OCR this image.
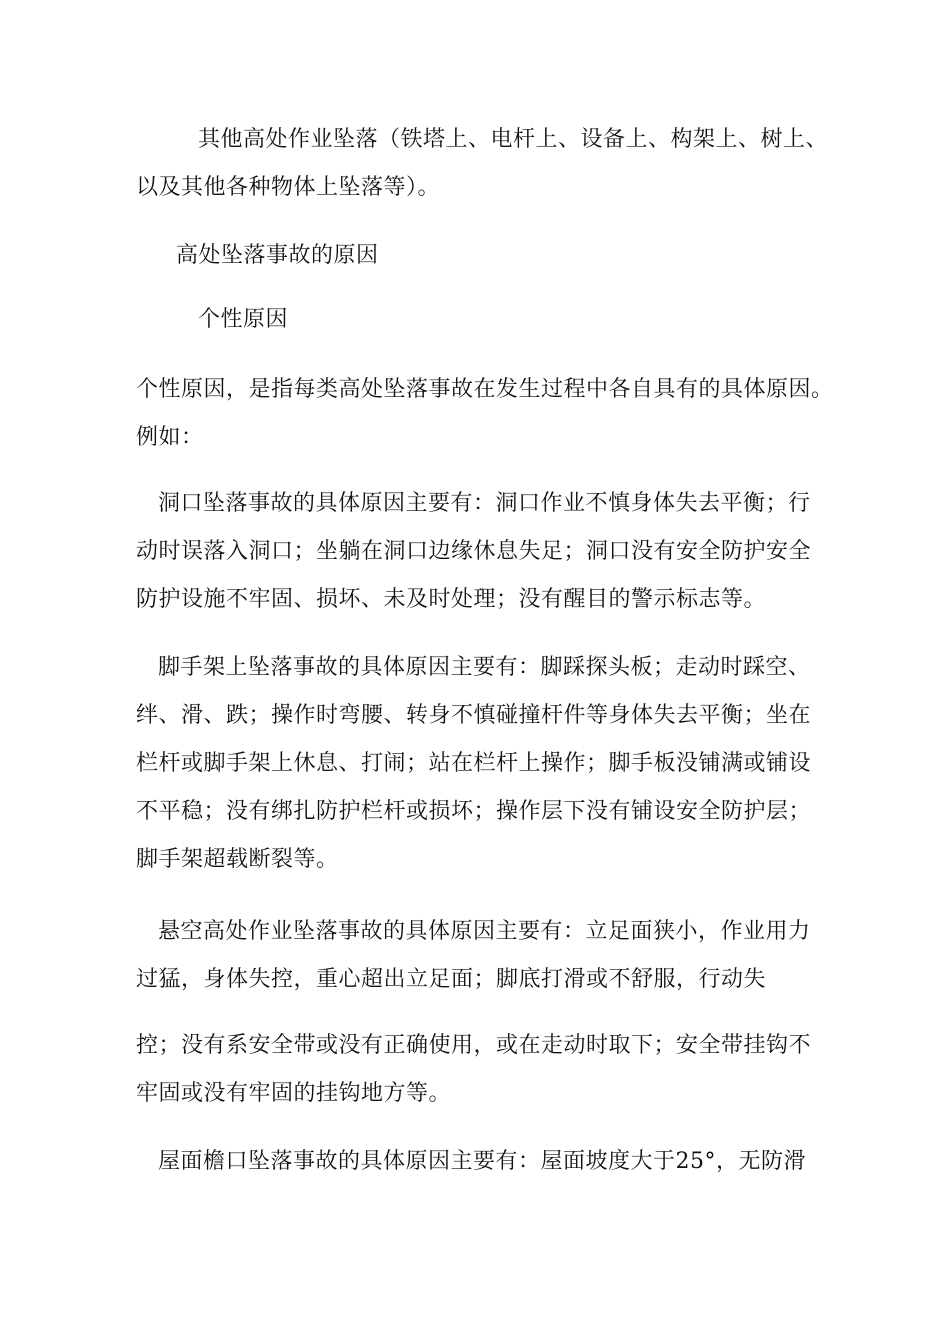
其他高处作业坠落（铁塔上、电杆上、设备上、构架上、树上、
以及其他各种物体上坠落等）。
高处坠落事故的原因
个性原因
个性原因，是指每类高处坠落事故在发生过程中各自具有的具体原因。
例如：
洞口坠落事故的具体原因主要有：洞口作业不慎身体失去平衡；行
动时误落入洞口；坐躺在洞口边缘休息失足；洞口没有安全防护安全
防护设施不牢固、损坏、未及时处理；没有醒目的警示标志等。
脚手架上坠落事故的具体原因主要有：脚踩探头板；走动时踩空、
绊、滑、跌；操作时弯腰、转身不慎碰撞杆件等身体失去平衡；坐在
栏杆或脚手架上休息、打闹；站在栏杆上操作；脚手板没铺满或铺设
不平稳；没有绑扎防护栏杆或损坏；操作层下没有铺设安全防护层；
脚手架超载断裂等。
悬空高处作业坠落事故的具体原因主要有：立足面狭小，作业用力
过猛，身体失控，重心超出立足面；脚底打滑或不舒服，行动失
控；没有系安全带或没有正确使用，或在走动时取下；安全带挂钩不
牢固或没有牢固的挂钩地方等。
屋面檐口坠落事故的具体原因主要有：屋面坡度大于25°，无防滑
